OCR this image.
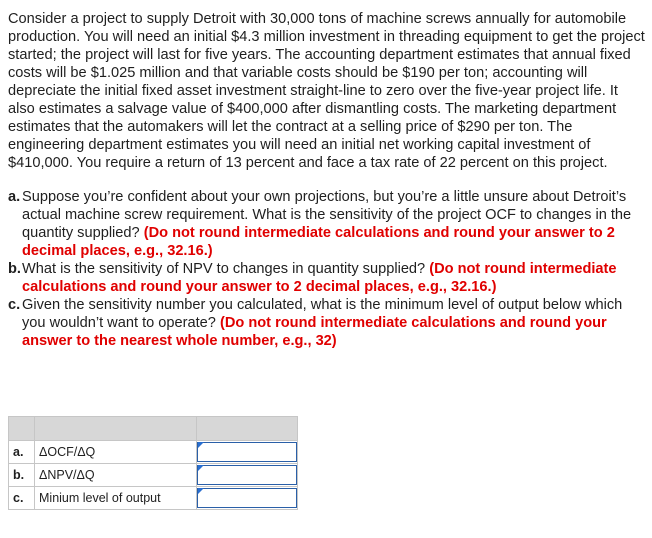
Consider a project to supply Detroit with 30,000 tons of machine screws annually for automobile production. You will need an initial $4.3 million investment in threading equipment to get the project started; the project will last for five years. The accounting department estimates that annual fixed costs will be $1.025 million and that variable costs should be $190 per ton; accounting will depreciate the initial fixed asset investment straight-line to zero over the five-year project life. It also estimates a salvage value of $400,000 after dismantling costs. The marketing department estimates that the automakers will let the contract at a selling price of $290 per ton. The engineering department estimates you will need an initial net working capital investment of $410,000. You require a return of 13 percent and face a tax rate of 22 percent on this project.

a. Suppose you’re confident about your own projections, but you’re a little unsure about Detroit’s actual machine screw requirement. What is the sensitivity of the project OCF to changes in the quantity supplied? (Do not round intermediate calculations and round your answer to 2 decimal places, e.g., 32.16.)
b. What is the sensitivity of NPV to changes in quantity supplied? (Do not round intermediate calculations and round your answer to 2 decimal places, e.g., 32.16.)
c. Given the sensitivity number you calculated, what is the minimum level of output below which you wouldn’t want to operate? (Do not round intermediate calculations and round your answer to the nearest whole number, e.g., 32)

a.	ΔOCF/ΔQ	

b.	ΔNPV/ΔQ	

c.	Minium level of output	
